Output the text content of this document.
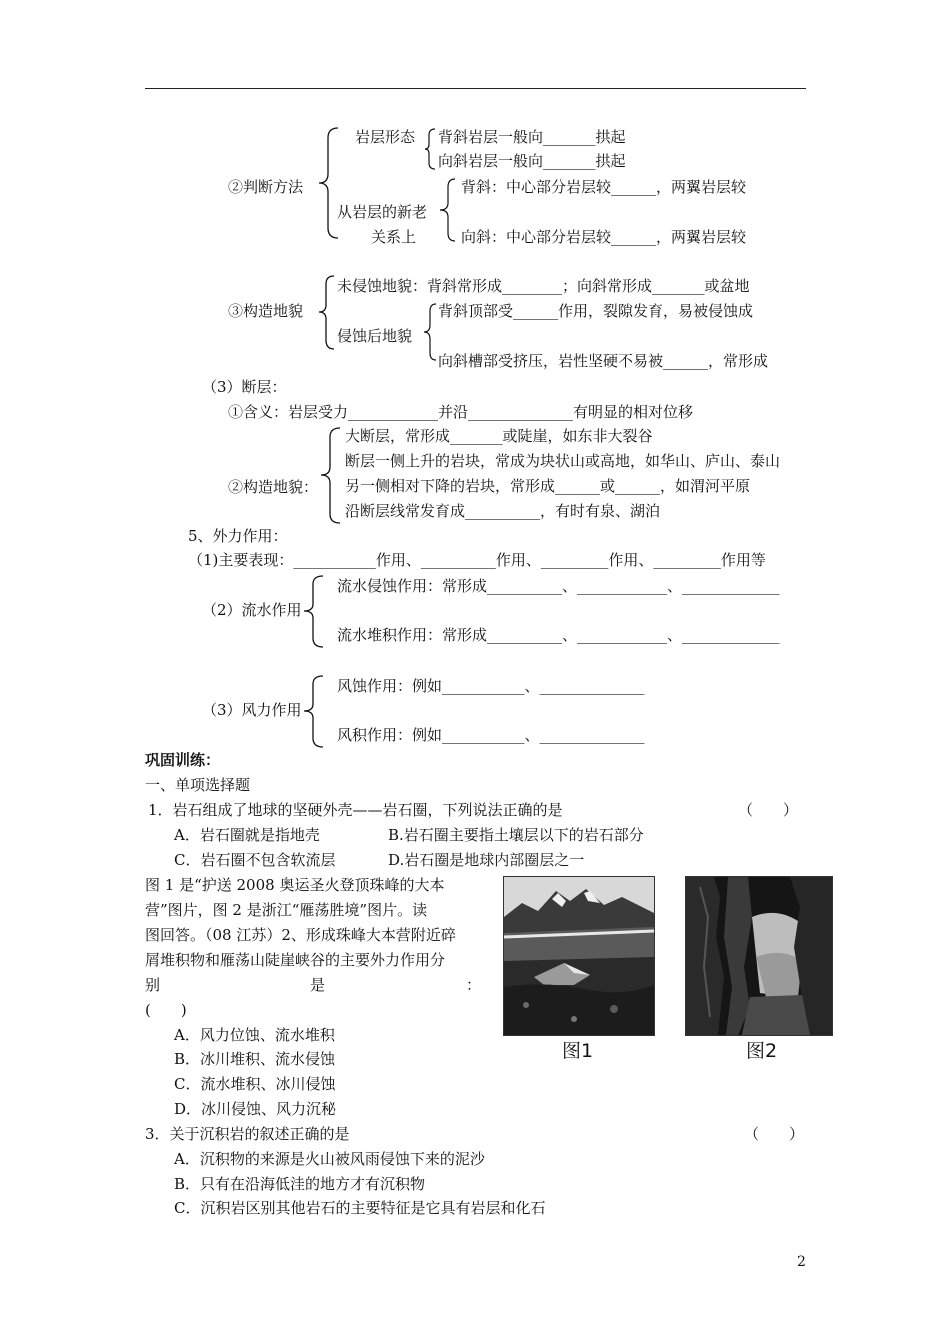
②判断方法
岩层形态 背斜岩层一般向_______拱起
向斜岩层一般向_______拱起
从岩层的新老
关系上
背斜：中心部分岩层较______，两翼岩层较
向斜：中心部分岩层较______，两翼岩层较
③构造地貌
未侵蚀地貌：背斜常形成________；向斜常形成_______或盆地
侵蚀后地貌
背斜顶部受______作用，裂隙发育，易被侵蚀成
向斜槽部受挤压，岩性坚硬不易被______，常形成
（3）断层：
①含义：岩层受力____________并沿______________有明显的相对位移
②构造地貌：
大断层，常形成_______或陡崖，如东非大裂谷
断层一侧上升的岩块，常成为块状山或高地，如华山、庐山、泰山
另一侧相对下降的岩块，常形成______或______，如渭河平原
沿断层线常发育成__________，有时有泉、湖泊
5、外力作用：
（1)主要表现：___________作用、__________作用、_________作用、_________作用等
（2）流水作用
流水侵蚀作用：常形成__________、____________、_____________
流水堆积作用：常形成__________、____________、_____________
（3）风力作用
风蚀作用：例如___________、______________
风积作用：例如___________、______________
巩固训练：
一、单项选择题
1．岩石组成了地球的坚硬外壳——岩石圈，下列说法正确的是	（　　）
A．岩石圈就是指地壳	B.岩石圈主要指土壤层以下的岩石部分
C．岩石圈不包含软流层	D.岩石圈是地球内部圈层之一
图 1 是“护送 2008 奥运圣火登顶珠峰的大本
营”图片，图 2 是浙江“雁荡胜境”图片。读
图回答。（08 江苏）2、形成珠峰大本营附近碎
屑堆积物和雁荡山陡崖峡谷的主要外力作用分
别	是	：
(　　)
A．风力位蚀、流水堆积
B．冰川堆积、流水侵蚀
C．流水堆积、冰川侵蚀
D．冰川侵蚀、风力沉秘
图1	图2
3．关于沉积岩的叙述正确的是	（　　）
A．沉积物的来源是火山被风雨侵蚀下来的泥沙
B．只有在沿海低洼的地方才有沉积物
C．沉积岩区别其他岩石的主要特征是它具有岩层和化石
2
